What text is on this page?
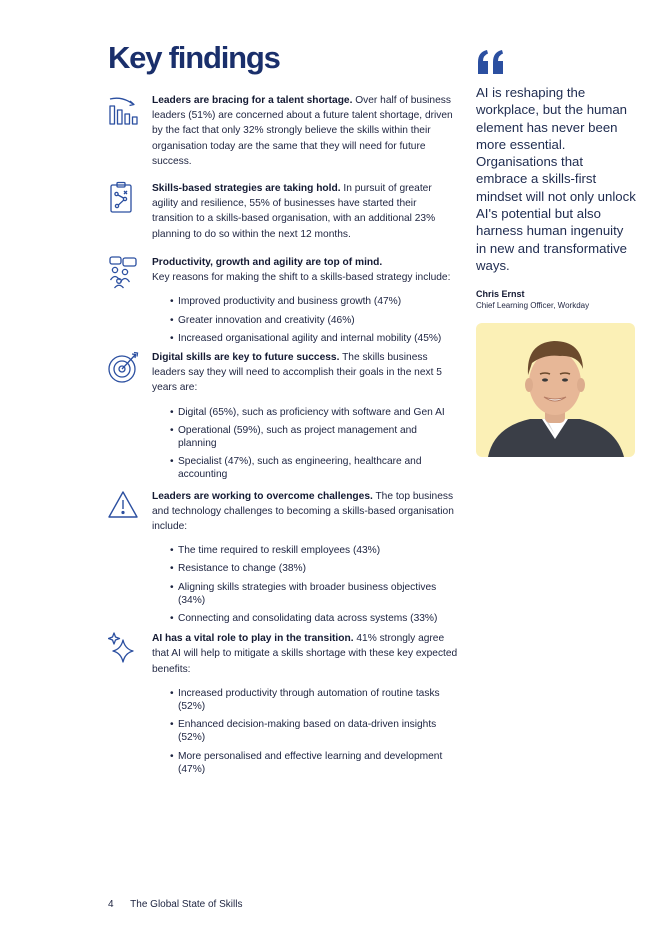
Key findings

Leaders are bracing for a talent shortage. Over half of business leaders (51%) are concerned about a future talent shortage, driven by the fact that only 32% strongly believe the skills within their organisation today are the same that they will need for future success.

Skills-based strategies are taking hold. In pursuit of greater agility and resilience, 55% of businesses have started their transition to a skills-based organisation, with an additional 23% planning to do so within the next 12 months.

Productivity, growth and agility are top of mind.
Key reasons for making the shift to a skills-based strategy include:

• Improved productivity and business growth (47%)
• Greater innovation and creativity (46%)
• Increased organisational agility and internal mobility (45%)

Digital skills are key to future success. The skills business leaders say they will need to accomplish their goals in the next 5 years are:

• Digital (65%), such as proficiency with software and Gen AI
• Operational (59%), such as project management and planning
• Specialist (47%), such as engineering, healthcare and accounting

Leaders are working to overcome challenges. The top business and technology challenges to becoming a skills-based organisation include:

• The time required to reskill employees (43%)
• Resistance to change (38%)
• Aligning skills strategies with broader business objectives (34%)
• Connecting and consolidating data across systems (33%)

AI has a vital role to play in the transition. 41% strongly agree that AI will help to mitigate a skills shortage with these key expected benefits:

• Increased productivity through automation of routine tasks (52%)
• Enhanced decision-making based on data-driven insights (52%)
• More personalised and effective learning and development (47%)

AI is reshaping the workplace, but the human element has never been more essential. Organisations that embrace a skills-first mindset will not only unlock AI's potential but also harness human ingenuity in new and transformative ways.

Chris Ernst

Chief Learning Officer, Workday

4 The Global State of Skills
